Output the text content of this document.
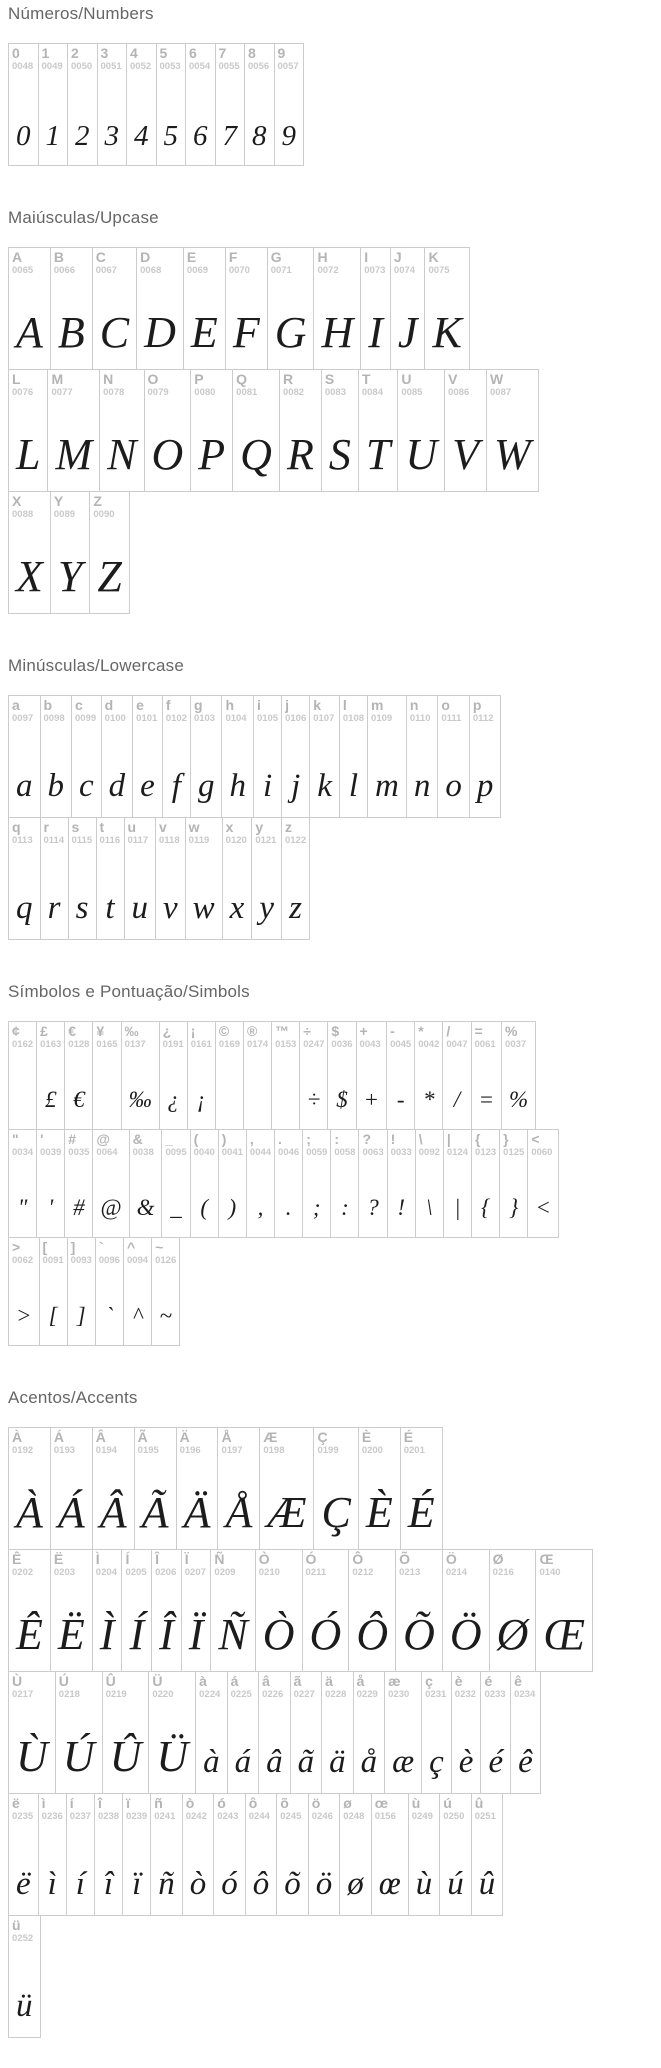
Números/Numbers
0
0048
0
1
0049
1
2
0050
2
3
0051
3
4
0052
4
5
0053
5
6
0054
6
7
0055
7
8
0056
8
9
0057
9
Maiúsculas/Upcase
A
0065
A
B
0066
B
C
0067
C
D
0068
D
E
0069
E
F
0070
F
G
0071
G
H
0072
H
I
0073
I
J
0074
J
K
0075
K
L
0076
L
M
0077
M
N
0078
N
O
0079
O
P
0080
P
Q
0081
Q
R
0082
R
S
0083
S
T
0084
T
U
0085
U
V
0086
V
W
0087
W
X
0088
X
Y
0089
Y
Z
0090
Z
Minúsculas/Lowercase
a
0097
a
b
0098
b
c
0099
c
d
0100
d
e
0101
e
f
0102
f
g
0103
g
h
0104
h
i
0105
i
j
0106
j
k
0107
k
l
0108
l
m
0109
m
n
0110
n
o
0111
o
p
0112
p
q
0113
q
r
0114
r
s
0115
s
t
0116
t
u
0117
u
v
0118
v
w
0119
w
x
0120
x
y
0121
y
z
0122
z
Símbolos e Pontuação/Simbols
¢
0162
£
0163
£
€
0128
€
¥
0165
‰
0137
‰
¿
0191
¿
¡
0161
¡
©
0169
®
0174
™
0153
÷
0247
÷
$
0036
$
+
0043
+
-
0045
-
*
0042
*
/
0047
/
=
0061
=
%
0037
%
"
0034
"
'
0039
'
#
0035
#
@
0064
@
&
0038
&
_
0095
_
(
0040
(
)
0041
)
,
0044
,
.
0046
.
;
0059
;
:
0058
:
?
0063
?
!
0033
!
\
0092
\
|
0124
|
{
0123
{
}
0125
}
<
0060
<
>
0062
>
[
0091
[
]
0093
]
`
0096
`
^
0094
^
~
0126
~
Acentos/Accents
À
0192
À
Á
0193
Á
Â
0194
Â
Ã
0195
Ã
Ä
0196
Ä
Å
0197
Å
Æ
0198
Æ
Ç
0199
Ç
È
0200
È
É
0201
É
Ê
0202
Ê
Ë
0203
Ë
Ì
0204
Ì
Í
0205
Í
Î
0206
Î
Ï
0207
Ï
Ñ
0209
Ñ
Ò
0210
Ò
Ó
0211
Ó
Ô
0212
Ô
Õ
0213
Õ
Ö
0214
Ö
Ø
0216
Ø
Œ
0140
Œ
Ù
0217
Ù
Ú
0218
Ú
Û
0219
Û
Ü
0220
Ü
à
0224
à
á
0225
á
â
0226
â
ã
0227
ã
ä
0228
ä
å
0229
å
æ
0230
æ
ç
0231
ç
è
0232
è
é
0233
é
ê
0234
ê
ë
0235
ë
ì
0236
ì
í
0237
í
î
0238
î
ï
0239
ï
ñ
0241
ñ
ò
0242
ò
ó
0243
ó
ô
0244
ô
õ
0245
õ
ö
0246
ö
ø
0248
ø
œ
0156
œ
ù
0249
ù
ú
0250
ú
û
0251
û
ü
0252
ü
